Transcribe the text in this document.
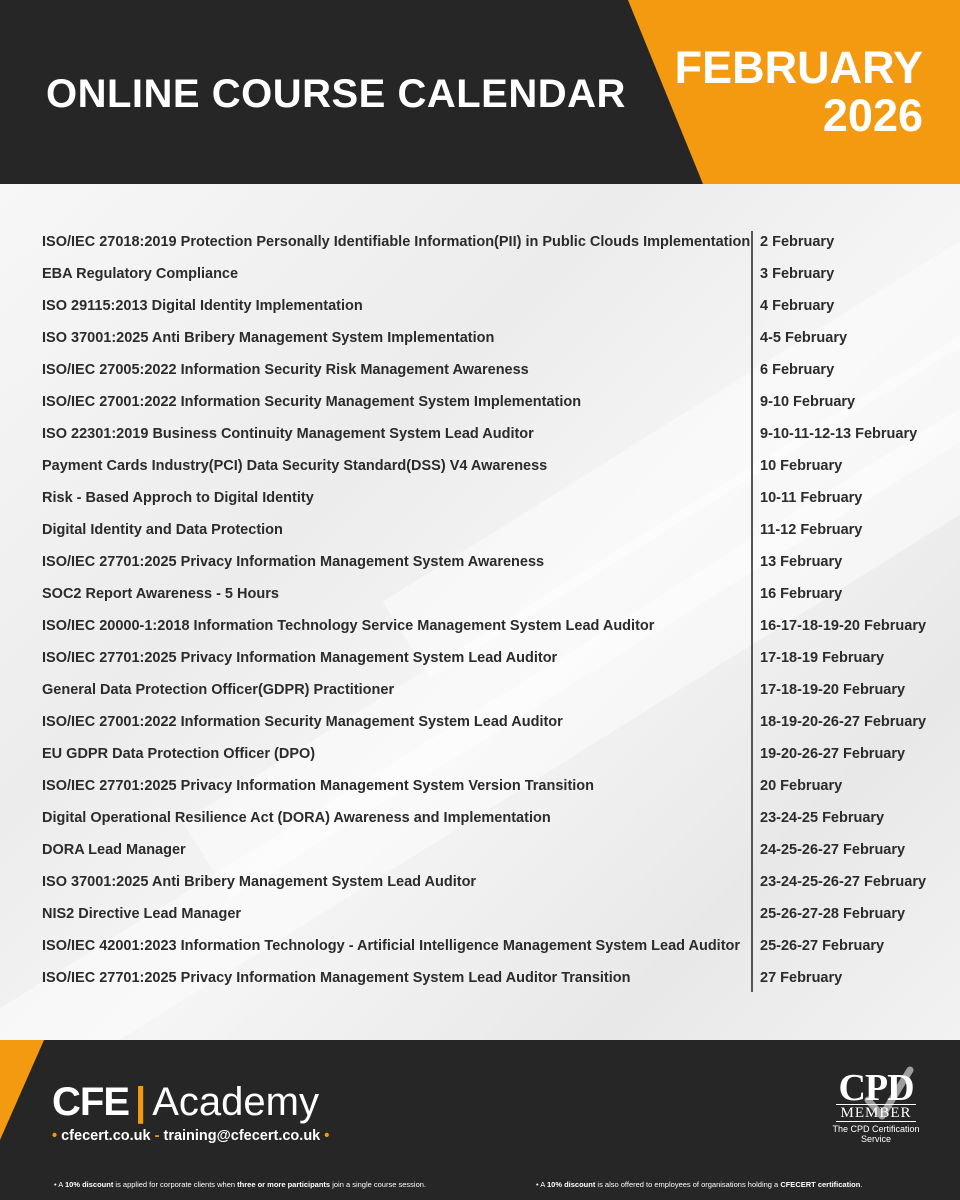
ONLINE COURSE CALENDAR
FEBRUARY
2026
ISO/IEC 27018:2019 Protection Personally Identifiable Information(PII) in Public Clouds Implementation 2 February
EBA Regulatory Compliance	3 February
ISO 29115:2013 Digital Identity Implementation	4 February
ISO 37001:2025 Anti Bribery Management System Implementation	4-5 February
ISO/IEC 27005:2022 Information Security Risk Management Awareness	6 February
ISO/IEC 27001:2022 Information Security Management System Implementation	9-10 February
ISO 22301:2019 Business Continuity Management System Lead Auditor	9-10-11-12-13 February
Payment Cards Industry(PCI) Data Security Standard(DSS) V4 Awareness	10 February
Risk - Based Approch to Digital Identity	10-11 February
Digital Identity and Data Protection	11-12 February
ISO/IEC 27701:2025 Privacy Information Management System Awareness	13 February
SOC2 Report Awareness - 5 Hours	16 February
ISO/IEC 20000-1:2018 Information Technology Service Management System Lead Auditor	16-17-18-19-20 February
ISO/IEC 27701:2025 Privacy Information Management System Lead Auditor	17-18-19 February
General Data Protection Officer(GDPR) Practitioner	17-18-19-20 February
ISO/IEC 27001:2022 Information Security Management System Lead Auditor	18-19-20-26-27 February
EU GDPR Data Protection Officer (DPO)	19-20-26-27 February
ISO/IEC 27701:2025 Privacy Information Management System Version Transition	20 February
Digital Operational Resilience Act (DORA) Awareness and Implementation	23-24-25 February
DORA Lead Manager	24-25-26-27 February
ISO 37001:2025 Anti Bribery Management System Lead Auditor	23-24-25-26-27 February
NIS2 Directive Lead Manager	25-26-27-28 February
ISO/IEC 42001:2023 Information Technology - Artificial Intelligence Management System Lead Auditor 25-26-27 February
ISO/IEC 27701:2025 Privacy Information Management System Lead Auditor Transition	27 February
CFE | Academy
• cfecert.co.uk - training@cfecert.co.uk •
CPD
MEMBER
The CPD Certification Service
• A 10% discount is applied for corporate clients when three or more participants join a single course session.	• A 10% discount is also offered to employees of organisations holding a CFECERT certification.
